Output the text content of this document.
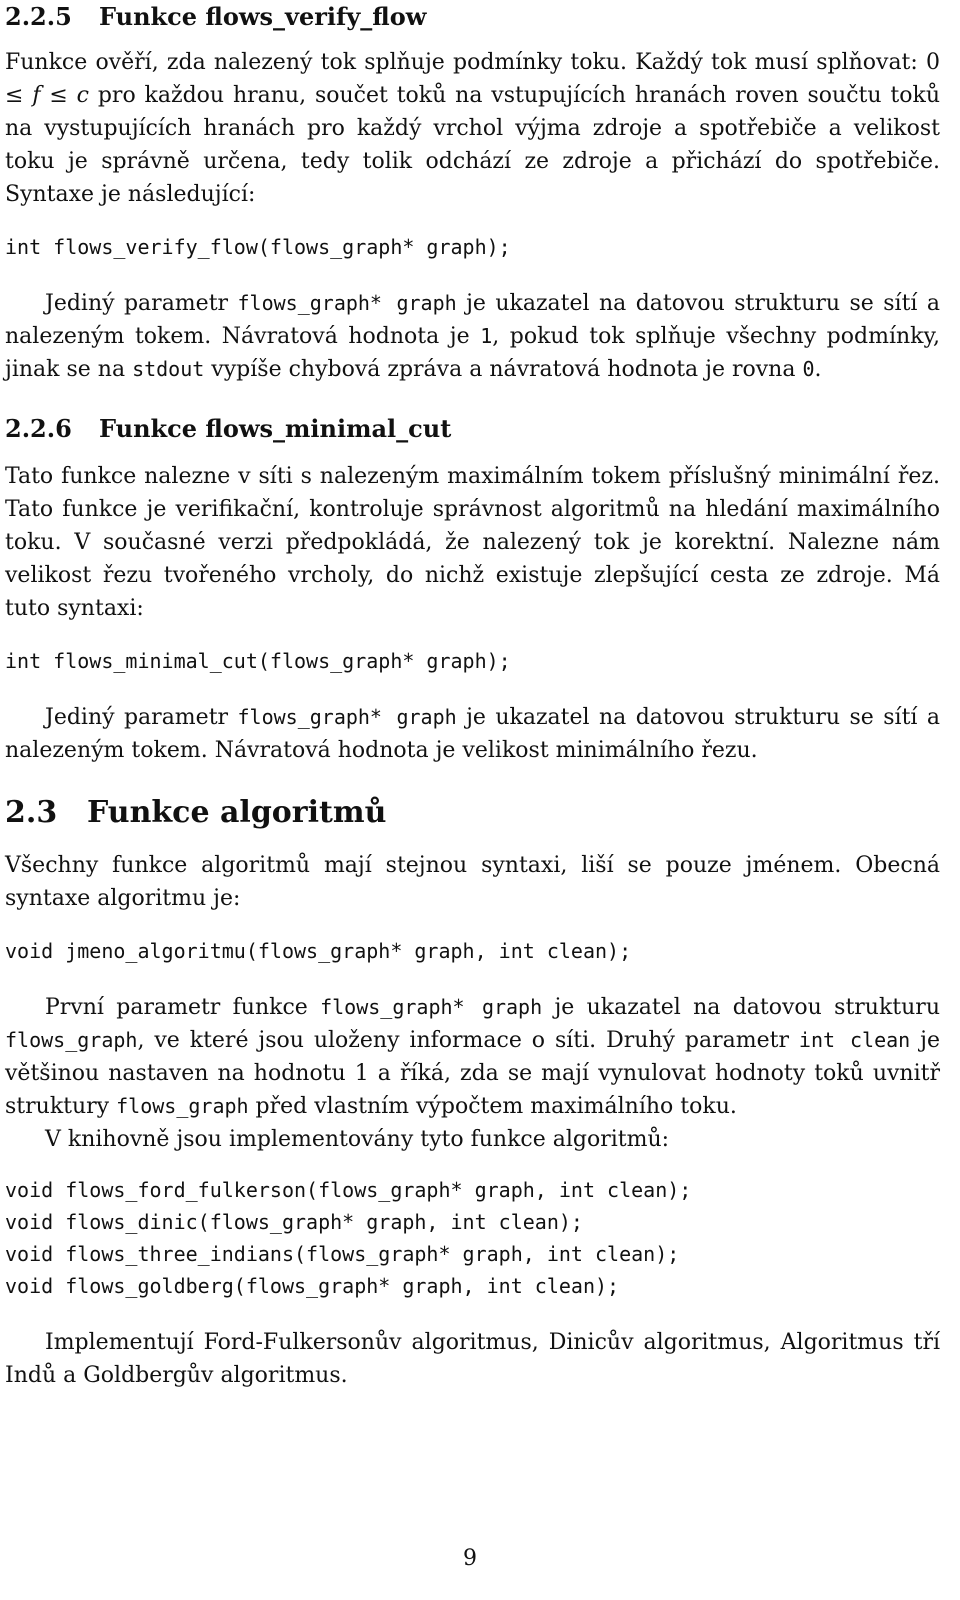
2.2.5 Funkce flows_verify_flow

Funkce ověří, zda nalezený tok splňuje podmínky toku. Každý tok musí splňovat: 0 ≤ f ≤ c pro každou hranu, součet toků na vstupujících hranách roven součtu toků na vystupujících hranách pro každý vrchol výjma zdroje a spotřebiče a velikost toku je správně určena, tedy tolik odchází ze zdroje a přichází do spotřebiče. Syntaxe je následující:

int flows_verify_flow(flows_graph* graph);

Jediný parametr flows_graph* graph je ukazatel na datovou strukturu se sítí a nalezeným tokem. Návratová hodnota je 1, pokud tok splňuje všechny podmínky, jinak se na stdout vypíše chybová zpráva a návratová hodnota je rovna 0.

2.2.6 Funkce flows_minimal_cut

Tato funkce nalezne v síti s nalezeným maximálním tokem příslušný minimální řez. Tato funkce je verifikační, kontroluje správnost algoritmů na hledání maximálního toku. V současné verzi předpokládá, že nalezený tok je korektní. Nalezne nám velikost řezu tvořeného vrcholy, do nichž existuje zlepšující cesta ze zdroje. Má tuto syntaxi:

int flows_minimal_cut(flows_graph* graph);

Jediný parametr flows_graph* graph je ukazatel na datovou strukturu se sítí a nalezeným tokem. Návratová hodnota je velikost minimálního řezu.

2.3 Funkce algoritmů

Všechny funkce algoritmů mají stejnou syntaxi, liší se pouze jménem. Obecná syntaxe algoritmu je:

void jmeno_algoritmu(flows_graph* graph, int clean);

První parametr funkce flows_graph* graph je ukazatel na datovou strukturu flows_graph, ve které jsou uloženy informace o síti. Druhý parametr int clean je většinou nastaven na hodnotu 1 a říká, zda se mají vynulovat hodnoty toků uvnitř struktury flows_graph před vlastním výpočtem maximálního toku.

V knihovně jsou implementovány tyto funkce algoritmů:

void flows_ford_fulkerson(flows_graph* graph, int clean);
void flows_dinic(flows_graph* graph, int clean);
void flows_three_indians(flows_graph* graph, int clean);
void flows_goldberg(flows_graph* graph, int clean);

Implementují Ford-Fulkersonův algoritmus, Dinicův algoritmus, Algoritmus tří Indů a Goldbergův algoritmus.

9
